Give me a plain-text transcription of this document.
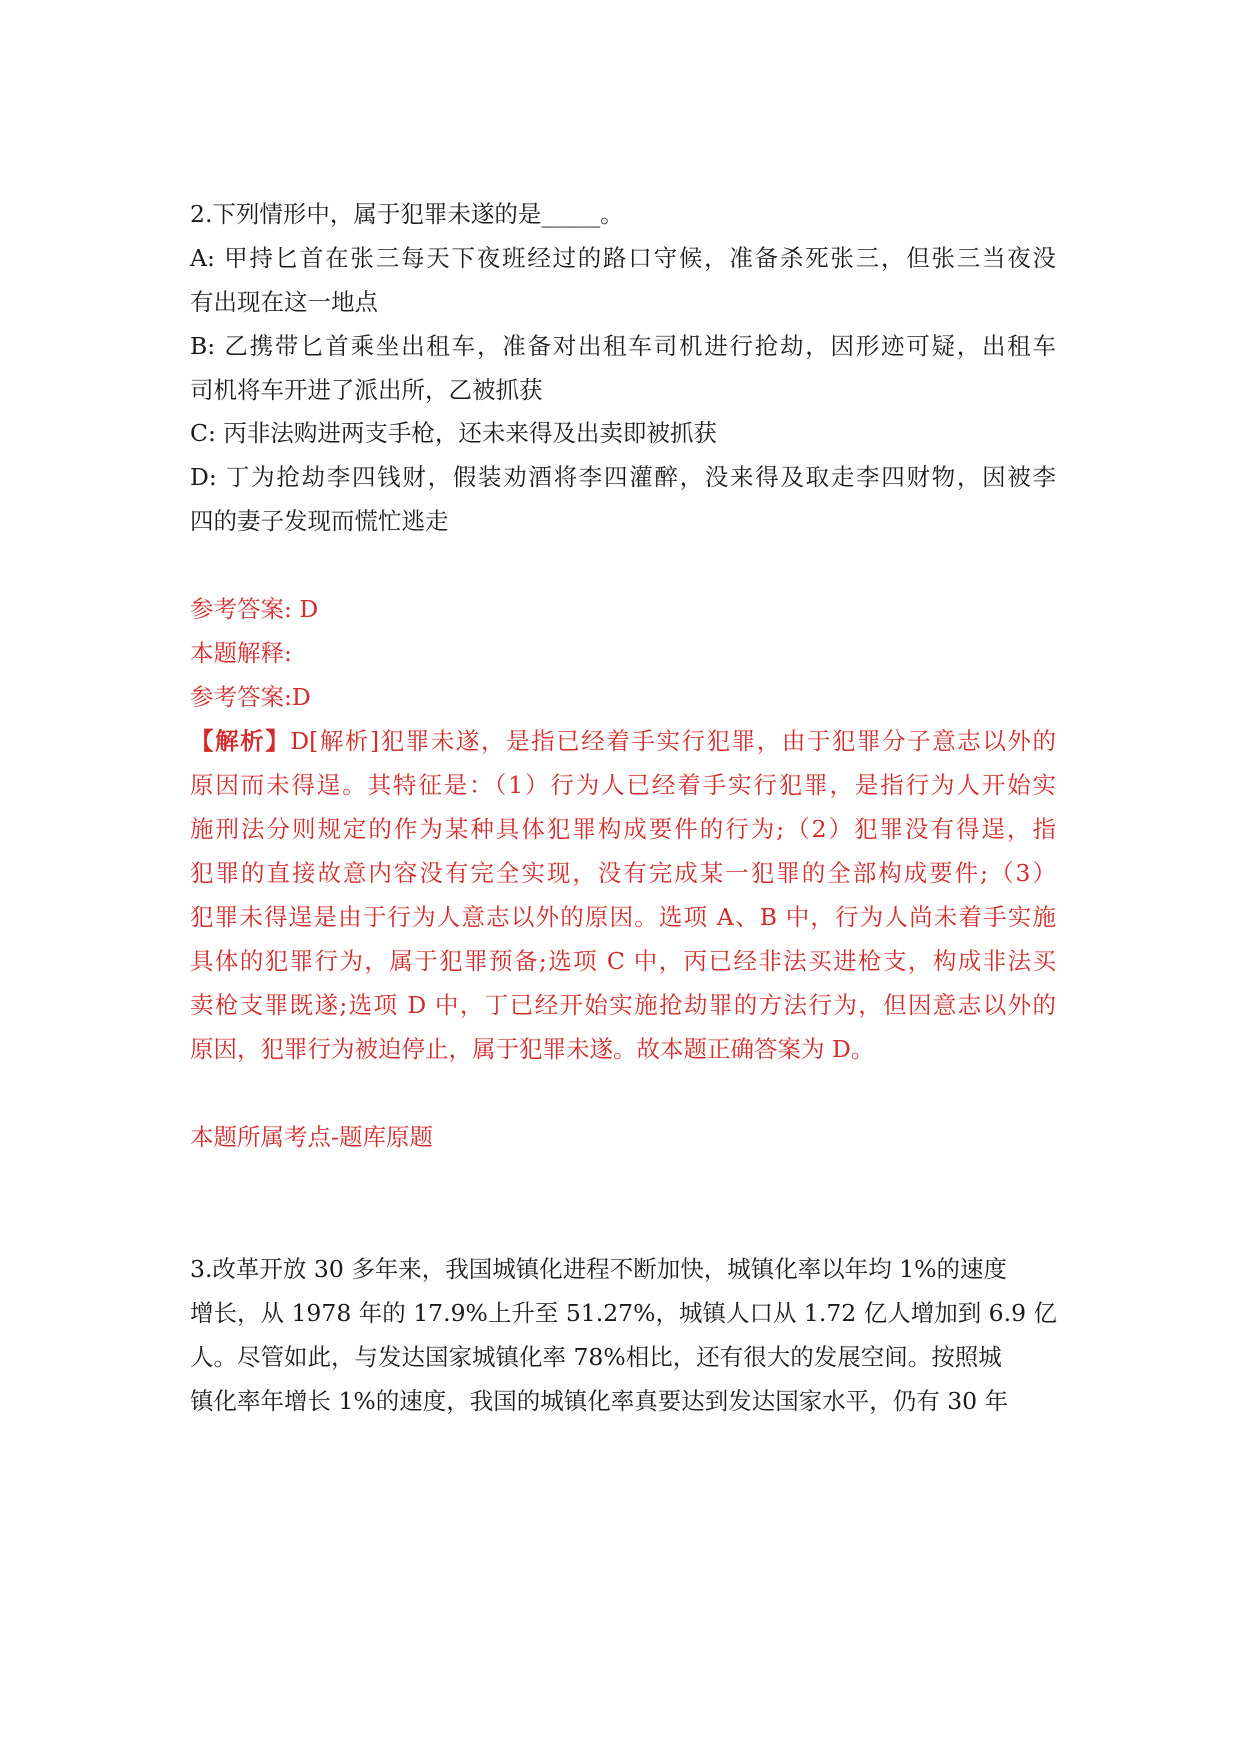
2.下列情形中，属于犯罪未遂的是_____。
A: 甲持匕首在张三每天下夜班经过的路口守候，准备杀死张三，但张三当夜没
有出现在这一地点
B: 乙携带匕首乘坐出租车，准备对出租车司机进行抢劫，因形迹可疑，出租车
司机将车开进了派出所，乙被抓获
C: 丙非法购进两支手枪，还未来得及出卖即被抓获
D: 丁为抢劫李四钱财，假装劝酒将李四灌醉，没来得及取走李四财物，因被李
四的妻子发现而慌忙逃走
参考答案: D
本题解释:
参考答案:D
【解析】D[解析]犯罪未遂，是指已经着手实行犯罪，由于犯罪分子意志以外的
原因而未得逞。其特征是：（1）行为人已经着手实行犯罪，是指行为人开始实
施刑法分则规定的作为某种具体犯罪构成要件的行为;（2）犯罪没有得逞，指
犯罪的直接故意内容没有完全实现，没有完成某一犯罪的全部构成要件;（3）
犯罪未得逞是由于行为人意志以外的原因。选项 A、B 中，行为人尚未着手实施
具体的犯罪行为，属于犯罪预备;选项 C 中，丙已经非法买进枪支，构成非法买
卖枪支罪既遂;选项 D 中，丁已经开始实施抢劫罪的方法行为，但因意志以外的
原因，犯罪行为被迫停止，属于犯罪未遂。故本题正确答案为 D。
本题所属考点-题库原题
3.改革开放 30 多年来，我国城镇化进程不断加快，城镇化率以年均 1%的速度
增长，从 1978 年的 17.9%上升至 51.27%，城镇人口从 1.72 亿人增加到 6.9 亿
人。尽管如此，与发达国家城镇化率 78%相比，还有很大的发展空间。按照城
镇化率年增长 1%的速度，我国的城镇化率真要达到发达国家水平，仍有 30 年
